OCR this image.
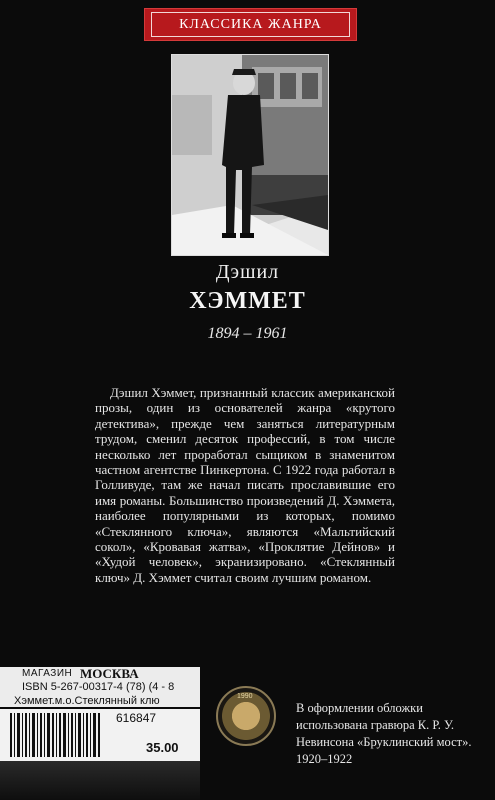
КЛАССИКА ЖАНРА
Дэшил
ХЭММЕТ
1894 – 1961

Дэшил Хэммет, признанный классик американской прозы, один из основателей жанра «крутого детектива», прежде чем заняться литературным трудом, сменил десяток профессий, в том числе несколько лет проработал сыщиком в знаменитом частном агентстве Пинкертона. С 1922 года работал в Голливуде, там же начал писать прославившие его имя романы. Большинство произведений Д. Хэммета, наиболее популярными из которых, помимо «Стеклянного ключа», являются «Мальтийский сокол», «Кровавая жатва», «Проклятие Дейнов» и «Худой человек», экранизировано. «Стеклянный ключ» Д. Хэммет считал своим лучшим романом.

МАГАЗИН МОСКВА
ISBN 5-267-00317-4 (78) (4 - 8
Хэммет.м.о.Стеклянный клю
616847
35.00
1990

В оформлении обложки использована гравюра К. Р. У. Невинсона «Бруклинский мост». 1920–1922
